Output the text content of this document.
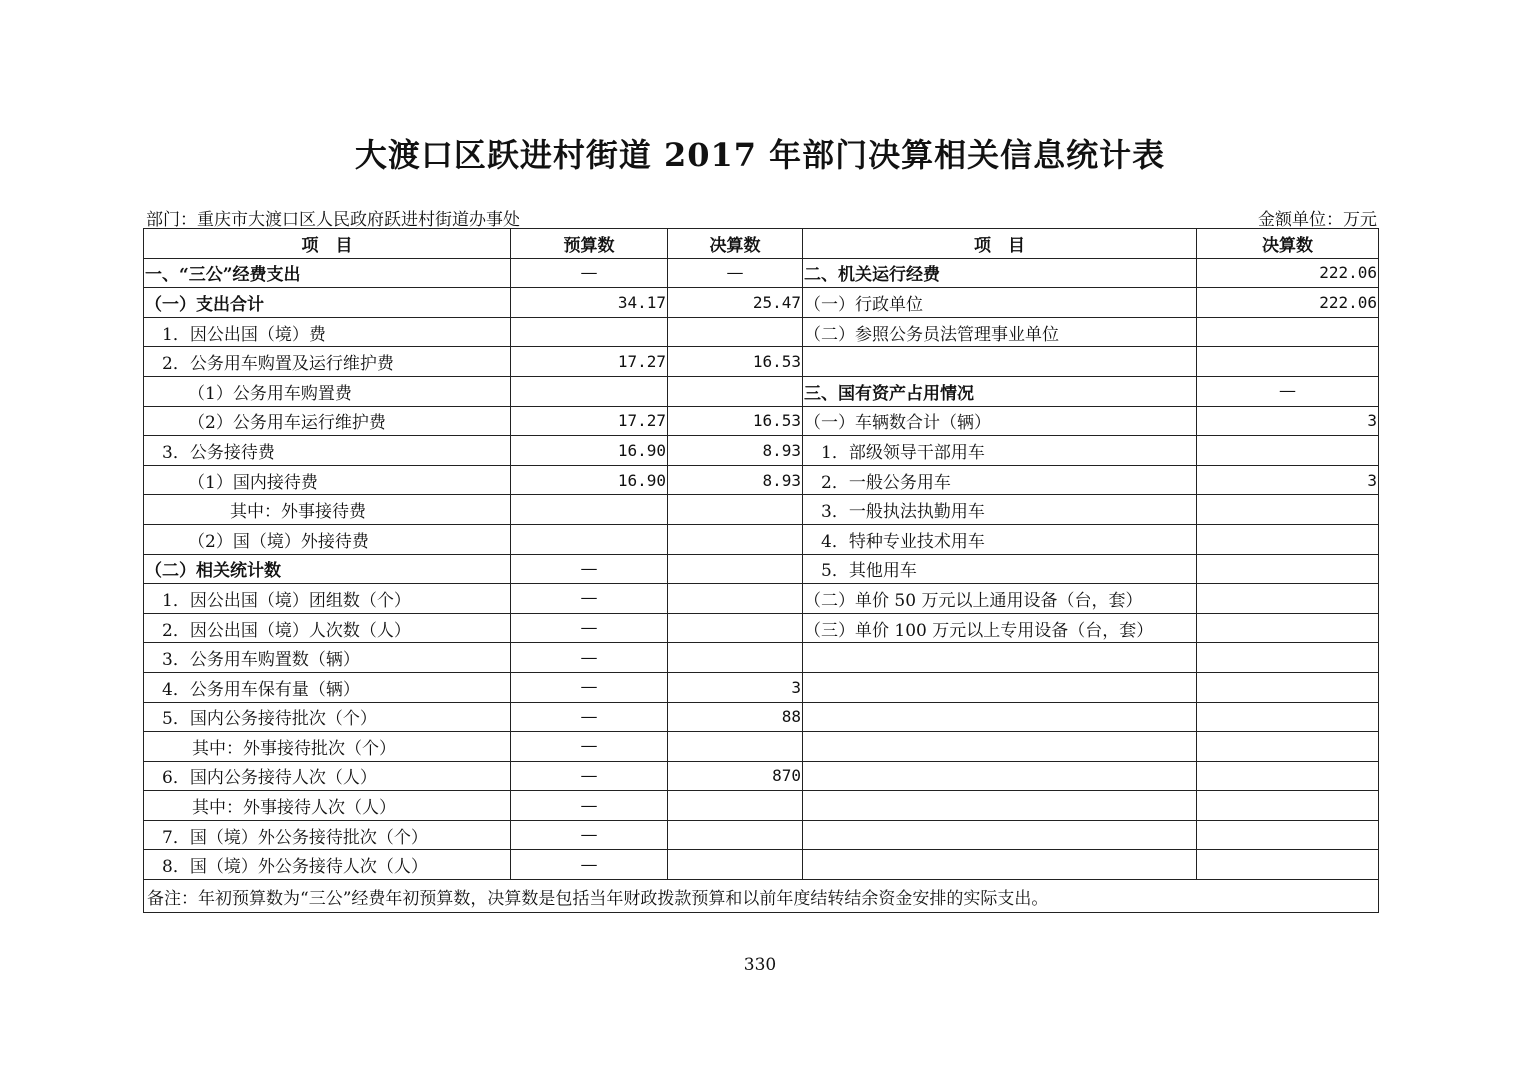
大渡口区跃进村街道 2017 年部门决算相关信息统计表
部门：重庆市大渡口区人民政府跃进村街道办事处	金额单位：万元
项　目	预算数	决算数	项　目	决算数
一、“三公”经费支出	—	—	二、机关运行经费	222.06
（一）支出合计	34.17	25.47	（一）行政单位	222.06
1．因公出国（境）费			（二）参照公务员法管理事业单位	
2．公务用车购置及运行维护费	17.27	16.53		
（1）公务用车购置费			三、国有资产占用情况	—
（2）公务用车运行维护费	17.27	16.53	（一）车辆数合计（辆）	3
3．公务接待费	16.90	8.93	1．部级领导干部用车	
（1）国内接待费	16.90	8.93	2．一般公务用车	3
其中：外事接待费			3．一般执法执勤用车	
（2）国（境）外接待费			4．特种专业技术用车	
（二）相关统计数	—		5．其他用车	
1．因公出国（境）团组数（个）	—		（二）单价 50 万元以上通用设备（台，套）	
2．因公出国（境）人次数（人）	—		（三）单价 100 万元以上专用设备（台，套）	
3．公务用车购置数（辆）	—			
4．公务用车保有量（辆）	—	3		
5．国内公务接待批次（个）	—	88		
其中：外事接待批次（个）	—			
6．国内公务接待人次（人）	—	870		
其中：外事接待人次（人）	—			
7．国（境）外公务接待批次（个）	—			
8．国（境）外公务接待人次（人）	—			
备注：年初预算数为“三公”经费年初预算数，决算数是包括当年财政拨款预算和以前年度结转结余资金安排的实际支出。				
330
